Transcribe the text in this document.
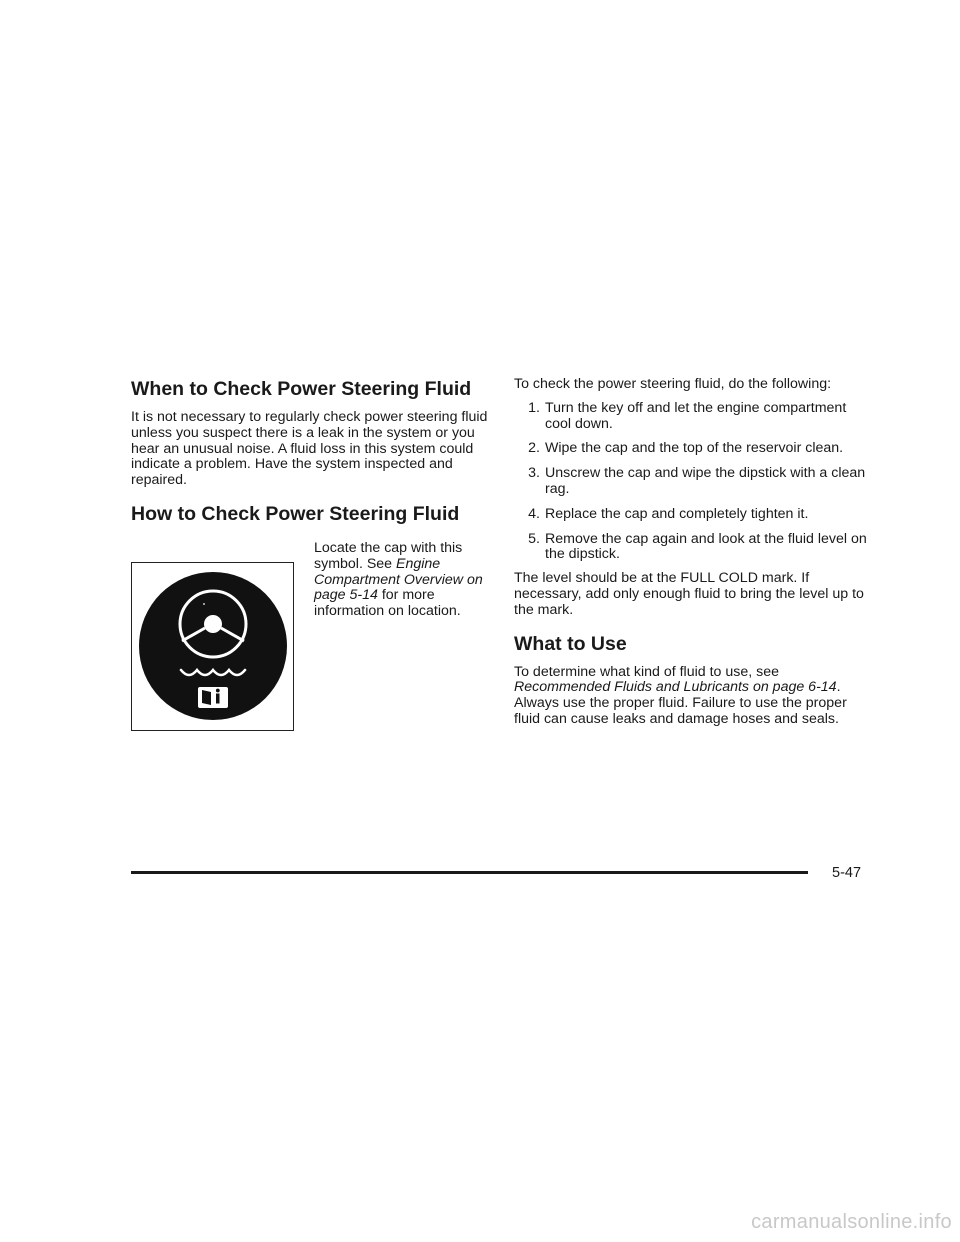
When to Check Power Steering Fluid

It is not necessary to regularly check power steering fluid unless you suspect there is a leak in the system or you hear an unusual noise. A fluid loss in this system could indicate a problem. Have the system inspected and repaired.

How to Check Power Steering Fluid

Locate the cap with this symbol. See Engine Compartment Overview on page 5-14 for more information on location.

To check the power steering fluid, do the following:

1. Turn the key off and let the engine compartment cool down.
2. Wipe the cap and the top of the reservoir clean.
3. Unscrew the cap and wipe the dipstick with a clean rag.
4. Replace the cap and completely tighten it.
5. Remove the cap again and look at the fluid level on the dipstick.

The level should be at the FULL COLD mark. If necessary, add only enough fluid to bring the level up to the mark.

What to Use

To determine what kind of fluid to use, see Recommended Fluids and Lubricants on page 6-14. Always use the proper fluid. Failure to use the proper fluid can cause leaks and damage hoses and seals.

5-47
carmanualsonline.info
